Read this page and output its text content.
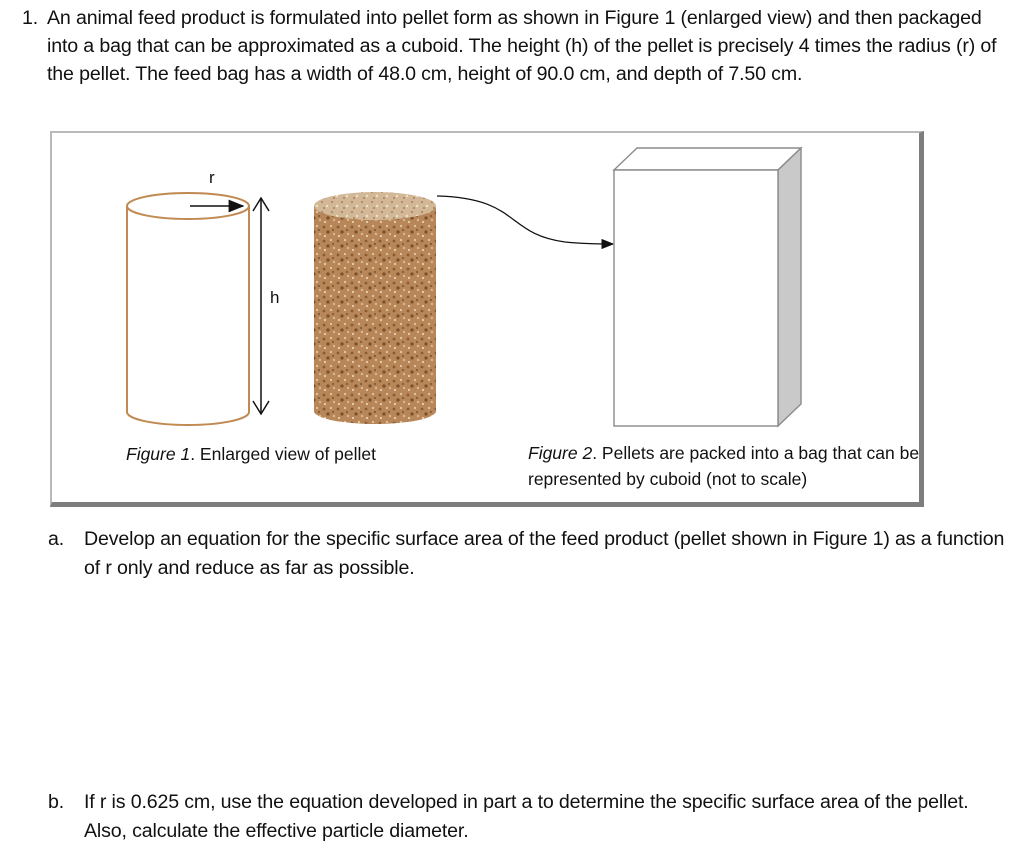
1. An animal feed product is formulated into pellet form as shown in Figure 1 (enlarged view) and then packaged into a bag that can be approximated as a cuboid. The height (h) of the pellet is precisely 4 times the radius (r) of the pellet. The feed bag has a width of 48.0 cm, height of 90.0 cm, and depth of 7.50 cm.
r
h
Figure 1. Enlarged view of pellet	Figure 2. Pellets are packed into a bag that can be represented by cuboid (not to scale)
a. Develop an equation for the specific surface area of the feed product (pellet shown in Figure 1) as a function of r only and reduce as far as possible.
b. If r is 0.625 cm, use the equation developed in part a to determine the specific surface area of the pellet. Also, calculate the effective particle diameter.
